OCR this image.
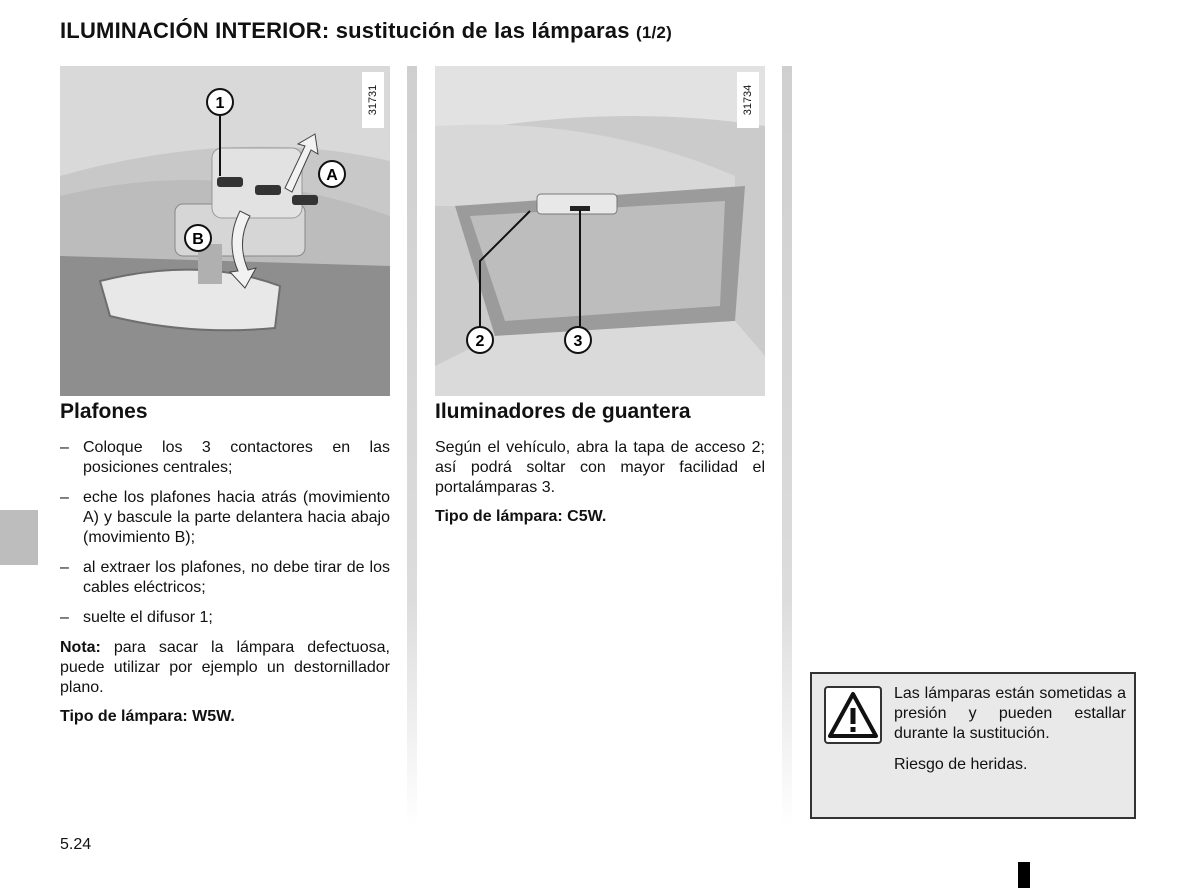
ILUMINACIÓN INTERIOR: sustitución de las lámparas (1/2)
1
A
B
31731
2	3
31734
Plafones
– Coloque los 3 contactores en las posiciones centrales;
– eche los plafones hacia atrás (movimiento A) y bascule la parte delantera hacia abajo (movimiento B);
– al extraer los plafones, no debe tirar de los cables eléctricos;
– suelte el difusor 1;

Nota: para sacar la lámpara defectuosa, puede utilizar por ejemplo un destornillador plano.

Tipo de lámpara: W5W.

Iluminadores de guantera

Según el vehículo, abra la tapa de acceso 2; así podrá soltar con mayor facilidad el portalámparas 3.

Tipo de lámpara: C5W.

Las lámparas están sometidas a presión y pueden estallar durante la sustitución.

Riesgo de heridas.

5.24
